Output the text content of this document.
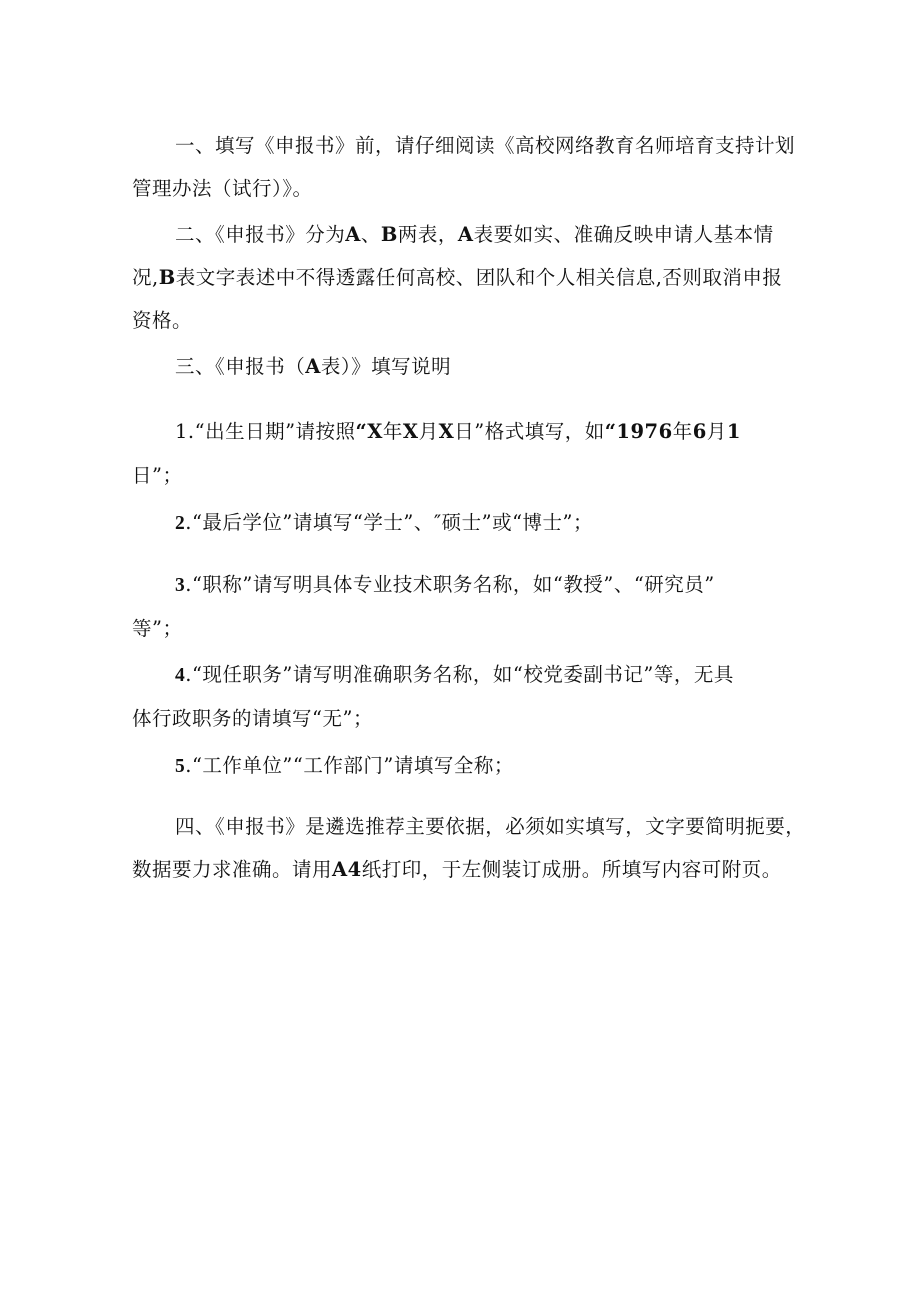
一、填写《申报书》前，请仔细阅读《高校网络教育名师培育支持计划
管理办法（试行）》。
二、《申报书》分为A、B两表，A表要如实、准确反映申请人基本情
况,B表文字表述中不得透露任何高校、团队和个人相关信息,否则取消申报
资格。
三、《申报书（A表）》填写说明
1.“出生日期”请按照“X年X月X日”格式填写，如“1976年6月1
日”；
2.“最后学位”请填写“学士”、″硕士”或“博士”；
3.“职称”请写明具体专业技术职务名称，如“教授”、“研究员”
等”；
4.“现任职务”请写明准确职务名称，如“校党委副书记”等，无具
体行政职务的请填写“无”；
5.“工作单位”“工作部门”请填写全称；
四、《申报书》是遴选推荐主要依据，必须如实填写，文字要简明扼要，
数据要力求准确。请用A4纸打印，于左侧装订成册。所填写内容可附页。
